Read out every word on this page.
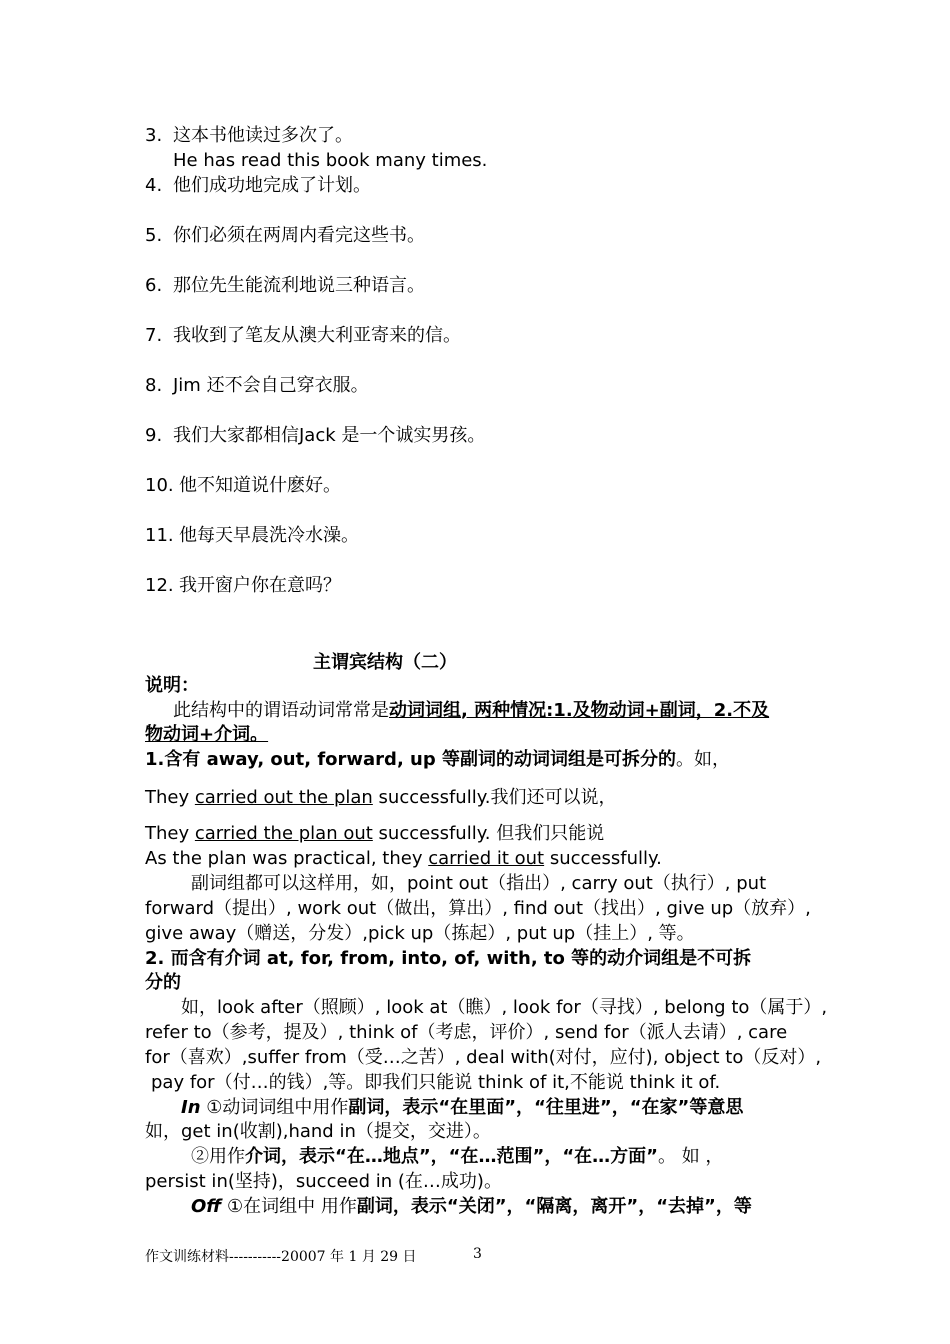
3. 这本书他读过多次了。
He has read this book many times.
4. 他们成功地完成了计划。
5. 你们必须在两周内看完这些书。
6. 那位先生能流利地说三种语言。
7. 我收到了笔友从澳大利亚寄来的信。
8. Jim 还不会自己穿衣服。
9. 我们大家都相信Jack 是一个诚实男孩。
10. 他不知道说什麽好。
11. 他每天早晨洗冷水澡。
12. 我开窗户你在意吗？
主谓宾结构（二）
说明：
此结构中的谓语动词常常是动词词组, 两种情况:1.及物动词+副词，2.不及
物动词+介词。
1.含有 away, out, forward, up 等副词的动词词组是可拆分的。如，
They carried out the plan successfully.我们还可以说，
They carried the plan out successfully. 但我们只能说
As the plan was practical, they carried it out successfully.
副词组都可以这样用，如，point out（指出）, carry out（执行）, put
forward（提出）, work out（做出，算出）, find out（找出）, give up（放弃）,
give away（赠送，分发）,pick up（拣起）, put up（挂上）, 等。
2. 而含有介词 at, for, from, into, of, with, to 等的动介词组是不可拆
分的
如，look after（照顾）, look at（瞧）, look for（寻找）, belong to（属于）,
refer to（参考，提及）, think of（考虑，评价）, send for（派人去请）, care
for（喜欢）,suffer from（受…之苦）, deal with(对付，应付), object to（反对）,
pay for（付…的钱）,等。即我们只能说 think of it,不能说 think it of.
In ①动词词组中用作副词，表示“在里面”，“往里进”，“在家”等意思
如，get in(收割),hand in（提交，交进）。
②用作介词，表示“在…地点”，“在…范围”，“在…方面”。 如 ，
persist in(坚持)，succeed in (在…成功)。
Off ①在词组中 用作副词，表示“关闭”，“隔离，离开”，“去掉”，等
作文训练材料-----------20007 年 1 月 29 日	3
